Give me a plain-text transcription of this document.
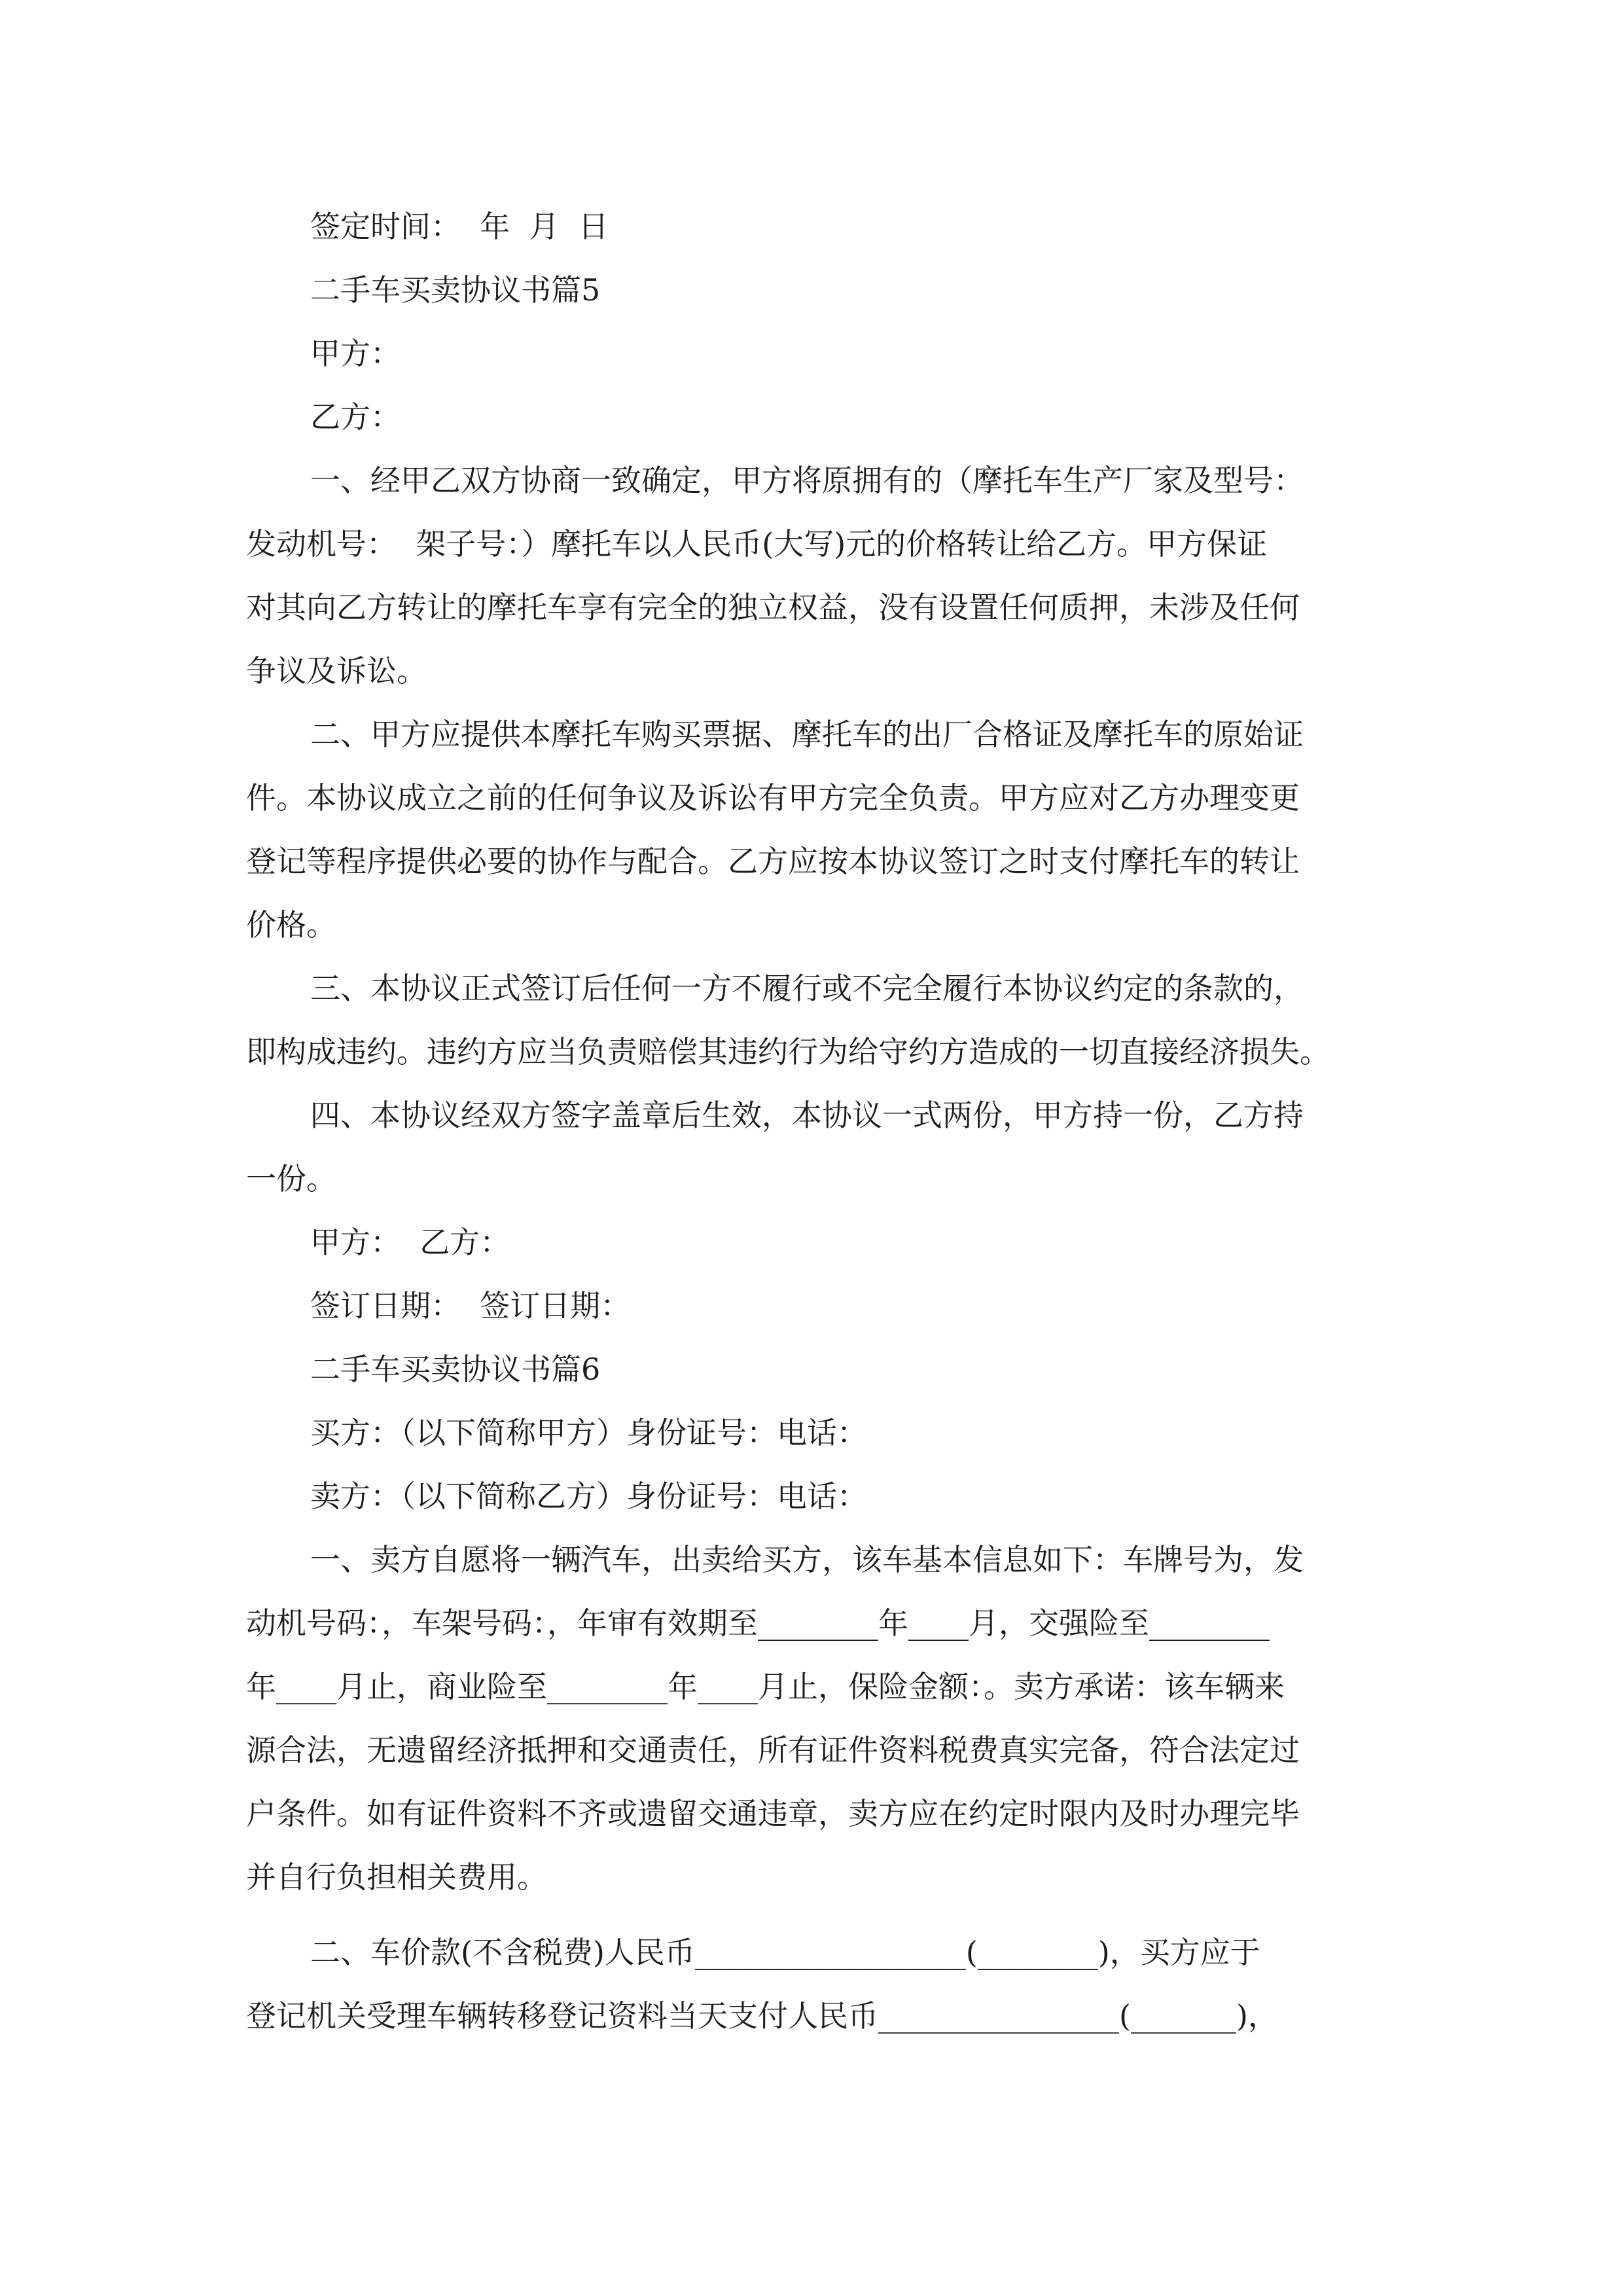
签定时间：  年  月  日

二手车买卖协议书篇5

甲方：

乙方：

一、经甲乙双方协商一致确定，甲方将原拥有的（摩托车生产厂家及型号：

发动机号：  架子号：）摩托车以人民币(大写)元的价格转让给乙方。甲方保证

对其向乙方转让的摩托车享有完全的独立权益，没有设置任何质押，未涉及任何

争议及诉讼。

二、甲方应提供本摩托车购买票据、摩托车的出厂合格证及摩托车的原始证

件。本协议成立之前的任何争议及诉讼有甲方完全负责。甲方应对乙方办理变更

登记等程序提供必要的协作与配合。乙方应按本协议签订之时支付摩托车的转让

价格。

三、本协议正式签订后任何一方不履行或不完全履行本协议约定的条款的，

即构成违约。违约方应当负责赔偿其违约行为给守约方造成的一切直接经济损失。

四、本协议经双方签字盖章后生效，本协议一式两份，甲方持一份，乙方持

一份。

甲方：  乙方：

签订日期：  签订日期：

二手车买卖协议书篇6

买方：（以下简称甲方）身份证号：电话：

卖方：（以下简称乙方）身份证号：电话：

一、卖方自愿将一辆汽车，出卖给买方，该车基本信息如下：车牌号为，发

动机号码：，车架号码：，年审有效期至________年____月，交强险至________

年____月止，商业险至________年____月止，保险金额：。卖方承诺：该车辆来

源合法，无遗留经济抵押和交通责任，所有证件资料税费真实完备，符合法定过

户条件。如有证件资料不齐或遗留交通违章，卖方应在约定时限内及时办理完毕

并自行负担相关费用。

二、车价款(不含税费)人民币__________________(________)，买方应于

登记机关受理车辆转移登记资料当天支付人民币________________(_______)，
